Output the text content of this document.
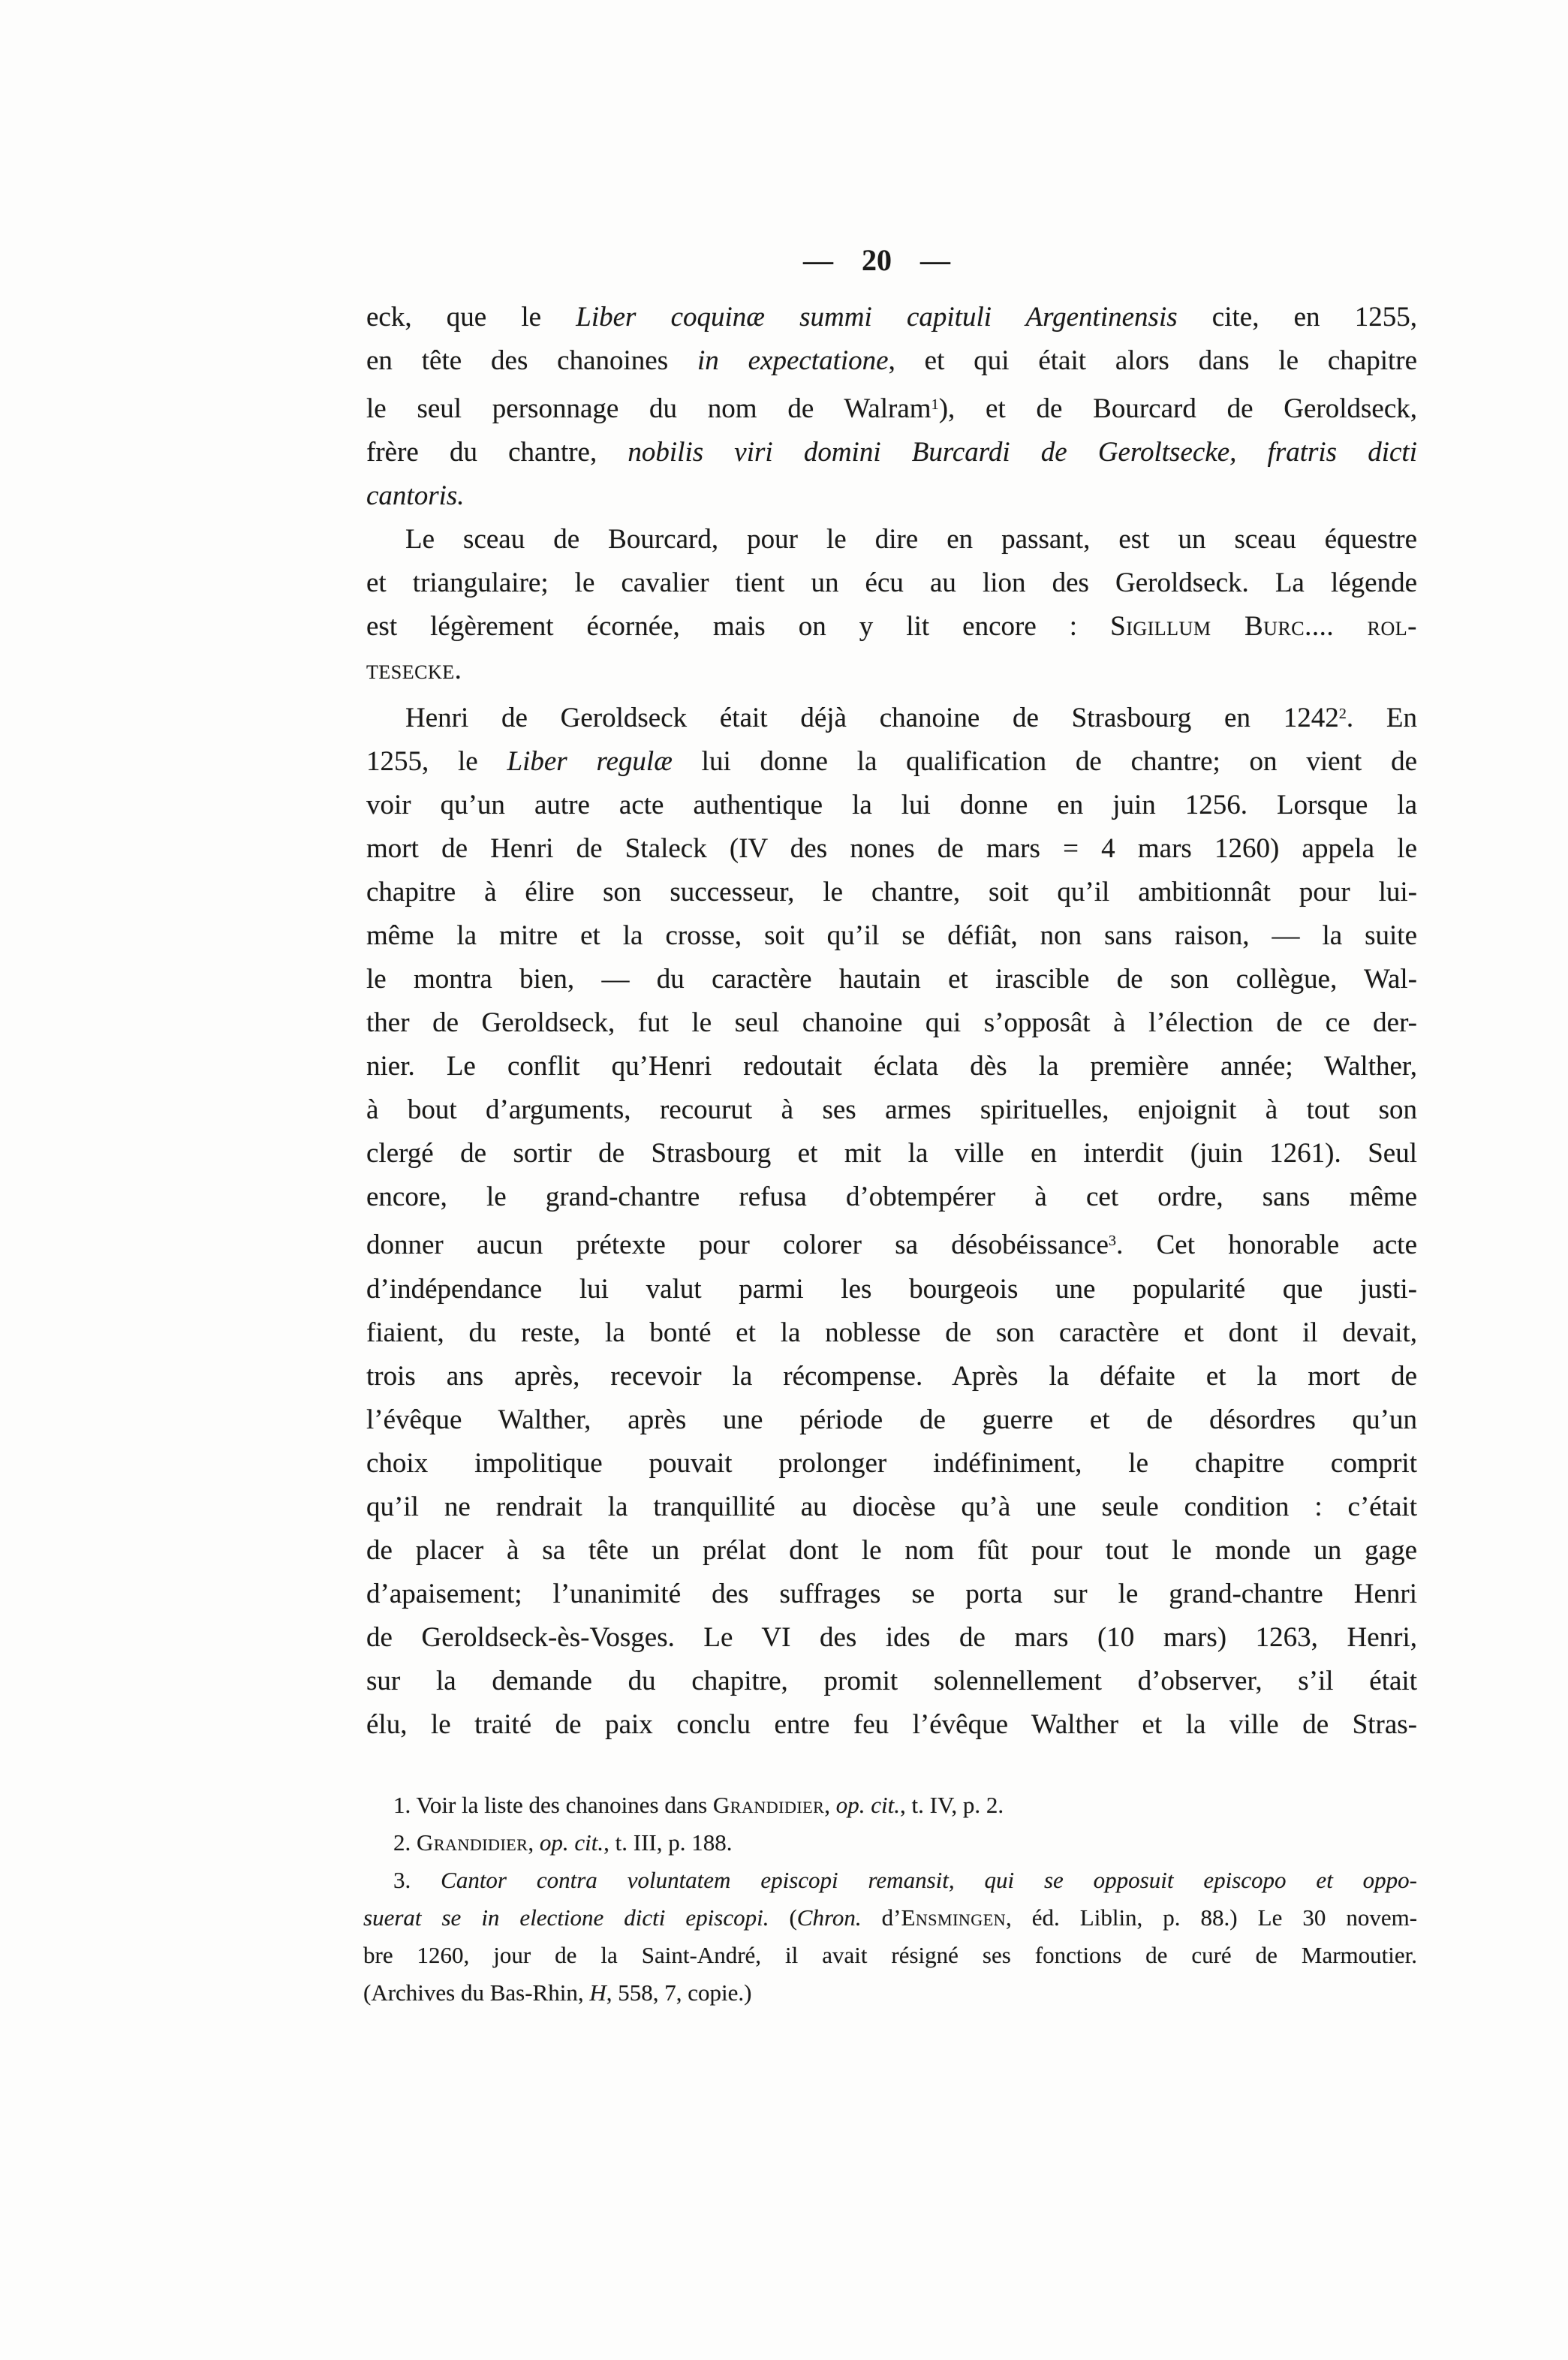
— 20 —
eck, que le Liber coquinæ summi capituli Argentinensis cite, en 1255,
en tête des chanoines in expectatione, et qui était alors dans le chapitre
le seul personnage du nom de Walram$^1$), et de Bourcard de Geroldseck,
frère du chantre, nobilis viri domini Burcardi de Geroltsecke, fratris dicti
cantoris.
Le sceau de Bourcard, pour le dire en passant, est un sceau équestre
et triangulaire; le cavalier tient un écu au lion des Geroldseck. La légende
est légèrement écornée, mais on y lit encore : Sigillum Burc.... rol-
tesecke.
Henri de Geroldseck était déjà chanoine de Strasbourg en 1242$^2$. En
1255, le Liber regulæ lui donne la qualification de chantre; on vient de
voir qu’un autre acte authentique la lui donne en juin 1256. Lorsque la
mort de Henri de Staleck (IV des nones de mars = 4 mars 1260) appela le
chapitre à élire son successeur, le chantre, soit qu’il ambitionnât pour lui-
même la mitre et la crosse, soit qu’il se défiât, non sans raison, — la suite
le montra bien, — du caractère hautain et irascible de son collègue, Wal-
ther de Geroldseck, fut le seul chanoine qui s’opposât à l’élection de ce der-
nier. Le conflit qu’Henri redoutait éclata dès la première année; Walther,
à bout d’arguments, recourut à ses armes spirituelles, enjoignit à tout son
clergé de sortir de Strasbourg et mit la ville en interdit (juin 1261). Seul
encore, le grand-chantre refusa d’obtempérer à cet ordre, sans même
donner aucun prétexte pour colorer sa désobéissance$^3$. Cet honorable acte
d’indépendance lui valut parmi les bourgeois une popularité que justi-
fiaient, du reste, la bonté et la noblesse de son caractère et dont il devait,
trois ans après, recevoir la récompense. Après la défaite et la mort de
l’évêque Walther, après une période de guerre et de désordres qu’un
choix impolitique pouvait prolonger indéfiniment, le chapitre comprit
qu’il ne rendrait la tranquillité au diocèse qu’à une seule condition : c’était
de placer à sa tête un prélat dont le nom fût pour tout le monde un gage
d’apaisement; l’unanimité des suffrages se porta sur le grand-chantre Henri
de Geroldseck-ès-Vosges. Le VI des ides de mars (10 mars) 1263, Henri,
sur la demande du chapitre, promit solennellement d’observer, s’il était
élu, le traité de paix conclu entre feu l’évêque Walther et la ville de Stras-
1. Voir la liste des chanoines dans Grandidier, op. cit., t. IV, p. 2.
2. Grandidier, op. cit., t. III, p. 188.
3. Cantor contra voluntatem episcopi remansit, qui se opposuit episcopo et oppo-
suerat se in electione dicti episcopi. (Chron. d’Ensmingen, éd. Liblin, p. 88.) Le 30 novem-
bre 1260, jour de la Saint-André, il avait résigné ses fonctions de curé de Marmoutier.
(Archives du Bas-Rhin, H, 558, 7, copie.)
